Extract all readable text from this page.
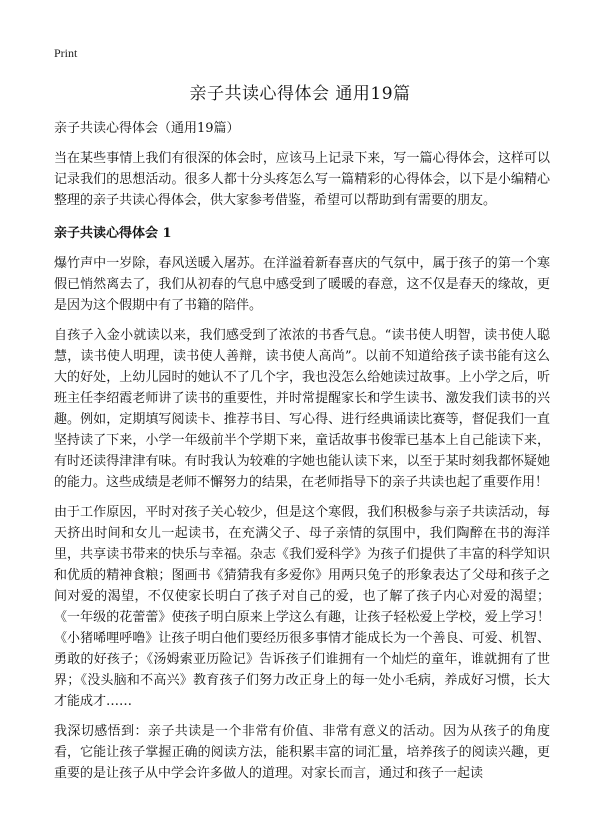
Print
亲子共读心得体会 通用19篇

亲子共读心得体会（通用19篇）

当在某些事情上我们有很深的体会时，应该马上记录下来，写一篇心得体会，这样可以记录我们的思想活动。很多人都十分头疼怎么写一篇精彩的心得体会，以下是小编精心整理的亲子共读心得体会，供大家参考借鉴，希望可以帮助到有需要的朋友。

亲子共读心得体会 1

爆竹声中一岁除，春风送暖入屠苏。在洋溢着新春喜庆的气氛中，属于孩子的第一个寒假已悄然离去了，我们从初春的气息中感受到了暖暖的春意，这不仅是春天的缘故，更是因为这个假期中有了书籍的陪伴。

自孩子入金小就读以来，我们感受到了浓浓的书香气息。“读书使人明智，读书使人聪慧，读书使人明理，读书使人善辩，读书使人高尚”。以前不知道给孩子读书能有这么大的好处，上幼儿园时的她认不了几个字，我也没怎么给她读过故事。上小学之后，听班主任李绍霞老师讲了读书的重要性，并时常提醒家长和学生读书、激发我们读书的兴趣。例如，定期填写阅读卡、推荐书目、写心得、进行经典诵读比赛等，督促我们一直坚持读了下来，小学一年级前半个学期下来，童话故事书俊霏已基本上自己能读下来，有时还读得津津有味。有时我认为较难的字她也能认读下来，以至于某时刻我都怀疑她的能力。这些成绩是老师不懈努力的结果，在老师指导下的亲子共读也起了重要作用！

由于工作原因，平时对孩子关心较少，但是这个寒假，我们积极参与亲子共读活动，每天挤出时间和女儿一起读书，在充满父子、母子亲情的氛围中，我们陶醉在书的海洋里，共享读书带来的快乐与幸福。杂志《我们爱科学》为孩子们提供了丰富的科学知识和优质的精神食粮；图画书《猜猜我有多爱你》用两只兔子的形象表达了父母和孩子之间对爱的渴望，不仅使家长明白了孩子对自己的爱，也了解了孩子内心对爱的渴望；《一年级的花蕾蕾》使孩子明白原来上学这么有趣，让孩子轻松爱上学校，爱上学习！《小猪唏哩呼噜》让孩子明白他们要经历很多事情才能成长为一个善良、可爱、机智、勇敢的好孩子；《汤姆索亚历险记》告诉孩子们谁拥有一个灿烂的童年，谁就拥有了世界；《没头脑和不高兴》教育孩子们努力改正身上的每一处小毛病，养成好习惯，长大才能成才……

我深切感悟到：亲子共读是一个非常有价值、非常有意义的活动。因为从孩子的角度看，它能让孩子掌握正确的阅读方法，能积累丰富的词汇量，培养孩子的阅读兴趣，更重要的是让孩子从中学会许多做人的道理。对家长而言，通过和孩子一起读
